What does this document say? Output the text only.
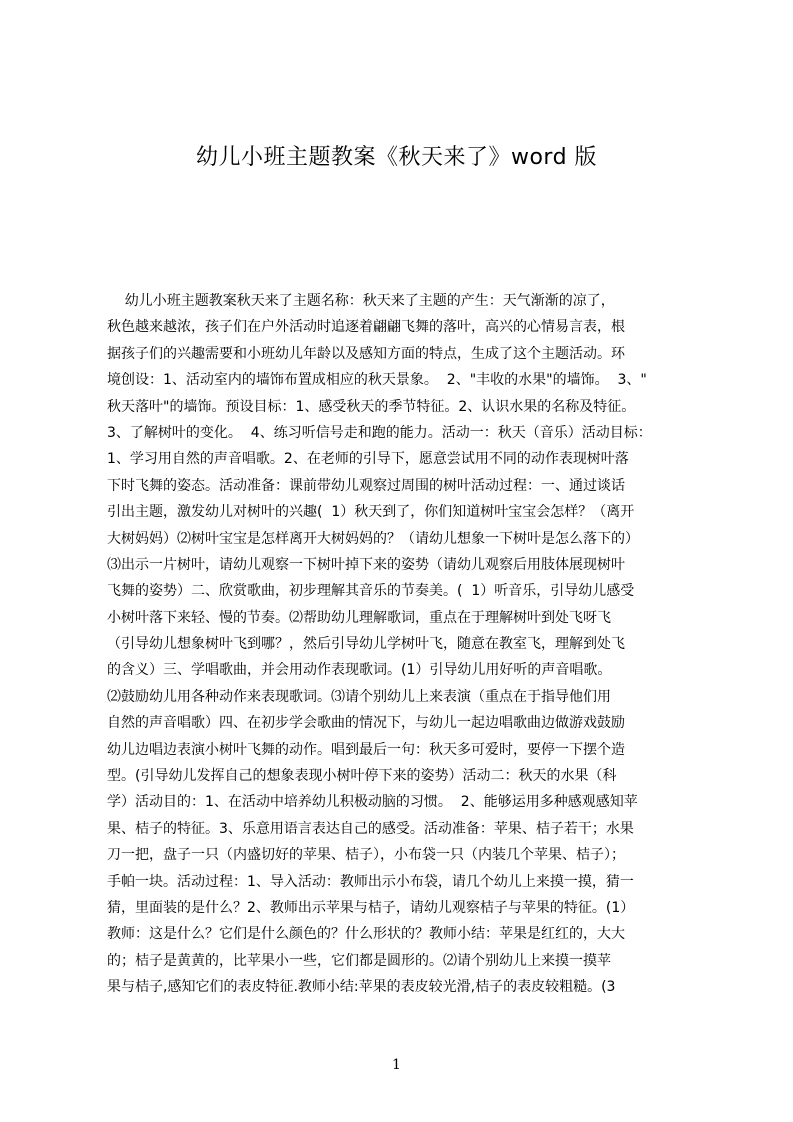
幼儿小班主题教案《秋天来了》word 版
幼儿小班主题教案秋天来了主题名称：秋天来了主题的产生：天气渐渐的凉了，
秋色越来越浓，孩子们在户外活动时追逐着翩翩飞舞的落叶，高兴的心情易言表，根
据孩子们的兴趣需要和小班幼儿年龄以及感知方面的特点，生成了这个主题活动。环
境创设：1、活动室内的墙饰布置成相应的秋天景象。  2、"丰收的水果"的墙饰。  3、"
秋天落叶"的墙饰。预设目标：1、感受秋天的季节特征。2、认识水果的名称及特征。
3、了解树叶的变化。  4、练习听信号走和跑的能力。活动一：秋天（音乐）活动目标：
1、学习用自然的声音唱歌。2、在老师的引导下，愿意尝试用不同的动作表现树叶落
下时飞舞的姿态。活动准备：课前带幼儿观察过周围的树叶活动过程：一、通过谈话
引出主题，激发幼儿对树叶的兴趣(  1）秋天到了，你们知道树叶宝宝会怎样？（离开
大树妈妈）⑵树叶宝宝是怎样离开大树妈妈的？（请幼儿想象一下树叶是怎么落下的）
⑶出示一片树叶，请幼儿观察一下树叶掉下来的姿势（请幼儿观察后用肢体展现树叶
飞舞的姿势）二、欣赏歌曲，初步理解其音乐的节奏美。(  1）听音乐，引导幼儿感受
小树叶落下来轻、慢的节奏。⑵帮助幼儿理解歌词，重点在于理解树叶到处飞呀飞
（引导幼儿想象树叶飞到哪？，然后引导幼儿学树叶飞，随意在教室飞，理解到处飞
的含义）三、学唱歌曲，并会用动作表现歌词。(1）引导幼儿用好听的声音唱歌。
⑵鼓励幼儿用各种动作来表现歌词。⑶请个别幼儿上来表演（重点在于指导他们用
自然的声音唱歌）四、在初步学会歌曲的情况下，与幼儿一起边唱歌曲边做游戏鼓励
幼儿边唱边表演小树叶飞舞的动作。唱到最后一句：秋天多可爱时，要停一下摆个造
型。(引导幼儿发挥自己的想象表现小树叶停下来的姿势）活动二：秋天的水果（科
学）活动目的：1、在活动中培养幼儿积极动脑的习惯。  2、能够运用多种感观感知苹
果、桔子的特征。3、乐意用语言表达自己的感受。活动准备：苹果、桔子若干；水果
刀一把，盘子一只（内盛切好的苹果、桔子），小布袋一只（内装几个苹果、桔子）；
手帕一块。活动过程：1、导入活动：教师出示小布袋，请几个幼儿上来摸一摸，猜一
猜，里面装的是什么？2、教师出示苹果与桔子，请幼儿观察桔子与苹果的特征。(1）
教师：这是什么？它们是什么颜色的？什么形状的？教师小结：苹果是红红的，大大
的；桔子是黄黄的，比苹果小一些，它们都是圆形的。⑵请个别幼儿上来摸一摸苹
果与桔子,感知它们的表皮特征.教师小结:苹果的表皮较光滑,桔子的表皮较粗糙。(3
1
